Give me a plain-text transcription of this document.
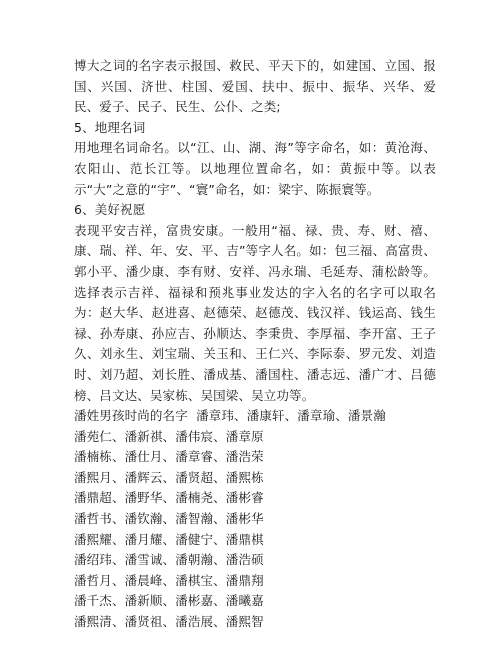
博大之词的名字表示报国、救民、平天下的，如建国、立国、报国、兴国、济世、柱国、爱国、扶中、振中、振华、兴华、爱民、爱子、民子、民生、公仆、之类;

5、地理名词

用地理名词命名。以“江、山、湖、海”等字命名，如：黄沧海、农阳山、范长江等。以地理位置命名，如：黄振中等。以表示“大”之意的“宇”、“寰”命名，如：梁宇、陈振寰等。

6、美好祝愿

表现平安吉祥，富贵安康。一般用“福、禄、贵、寿、财、禧、康、瑞、祥、年、安、平、吉”等字人名。如：包三福、高富贵、郭小平、潘少康、李有财、安祥、冯永瑞、毛延寿、蒲松龄等。选择表示吉祥、福禄和预兆事业发达的字入名的名字可以取名为：赵大华、赵进喜、赵德荣、赵德茂、钱汉祥、钱运高、钱生禄、孙寿康、孙应吉、孙顺达、李秉贵、李厚福、李开富、王子久、刘永生、刘宝瑞、关玉和、王仁兴、李际泰、罗元发、刘造时、刘乃超、刘长胜、潘成基、潘国柱、潘志远、潘广才、吕德榜、吕文达、吴家栋、吴国梁、吴立功等。

潘姓男孩时尚的名字  潘章玮、潘康轩、潘章瑜、潘景瀚

潘苑仁、潘新祺、潘伟宸、潘章原
潘楠栋、潘仕月、潘章睿、潘浩荣
潘熙月、潘辉云、潘贤超、潘熙栋
潘鼎超、潘野华、潘楠尧、潘彬睿
潘哲书、潘钦瀚、潘智瀚、潘彬华
潘熙耀、潘月耀、潘健宁、潘鼎棋
潘绍玮、潘雪诚、潘朝瀚、潘浩硕
潘哲月、潘晨峰、潘棋宝、潘鼎翔
潘千杰、潘新顺、潘彬嘉、潘曦嘉
潘熙清、潘贤祖、潘浩展、潘熙智
